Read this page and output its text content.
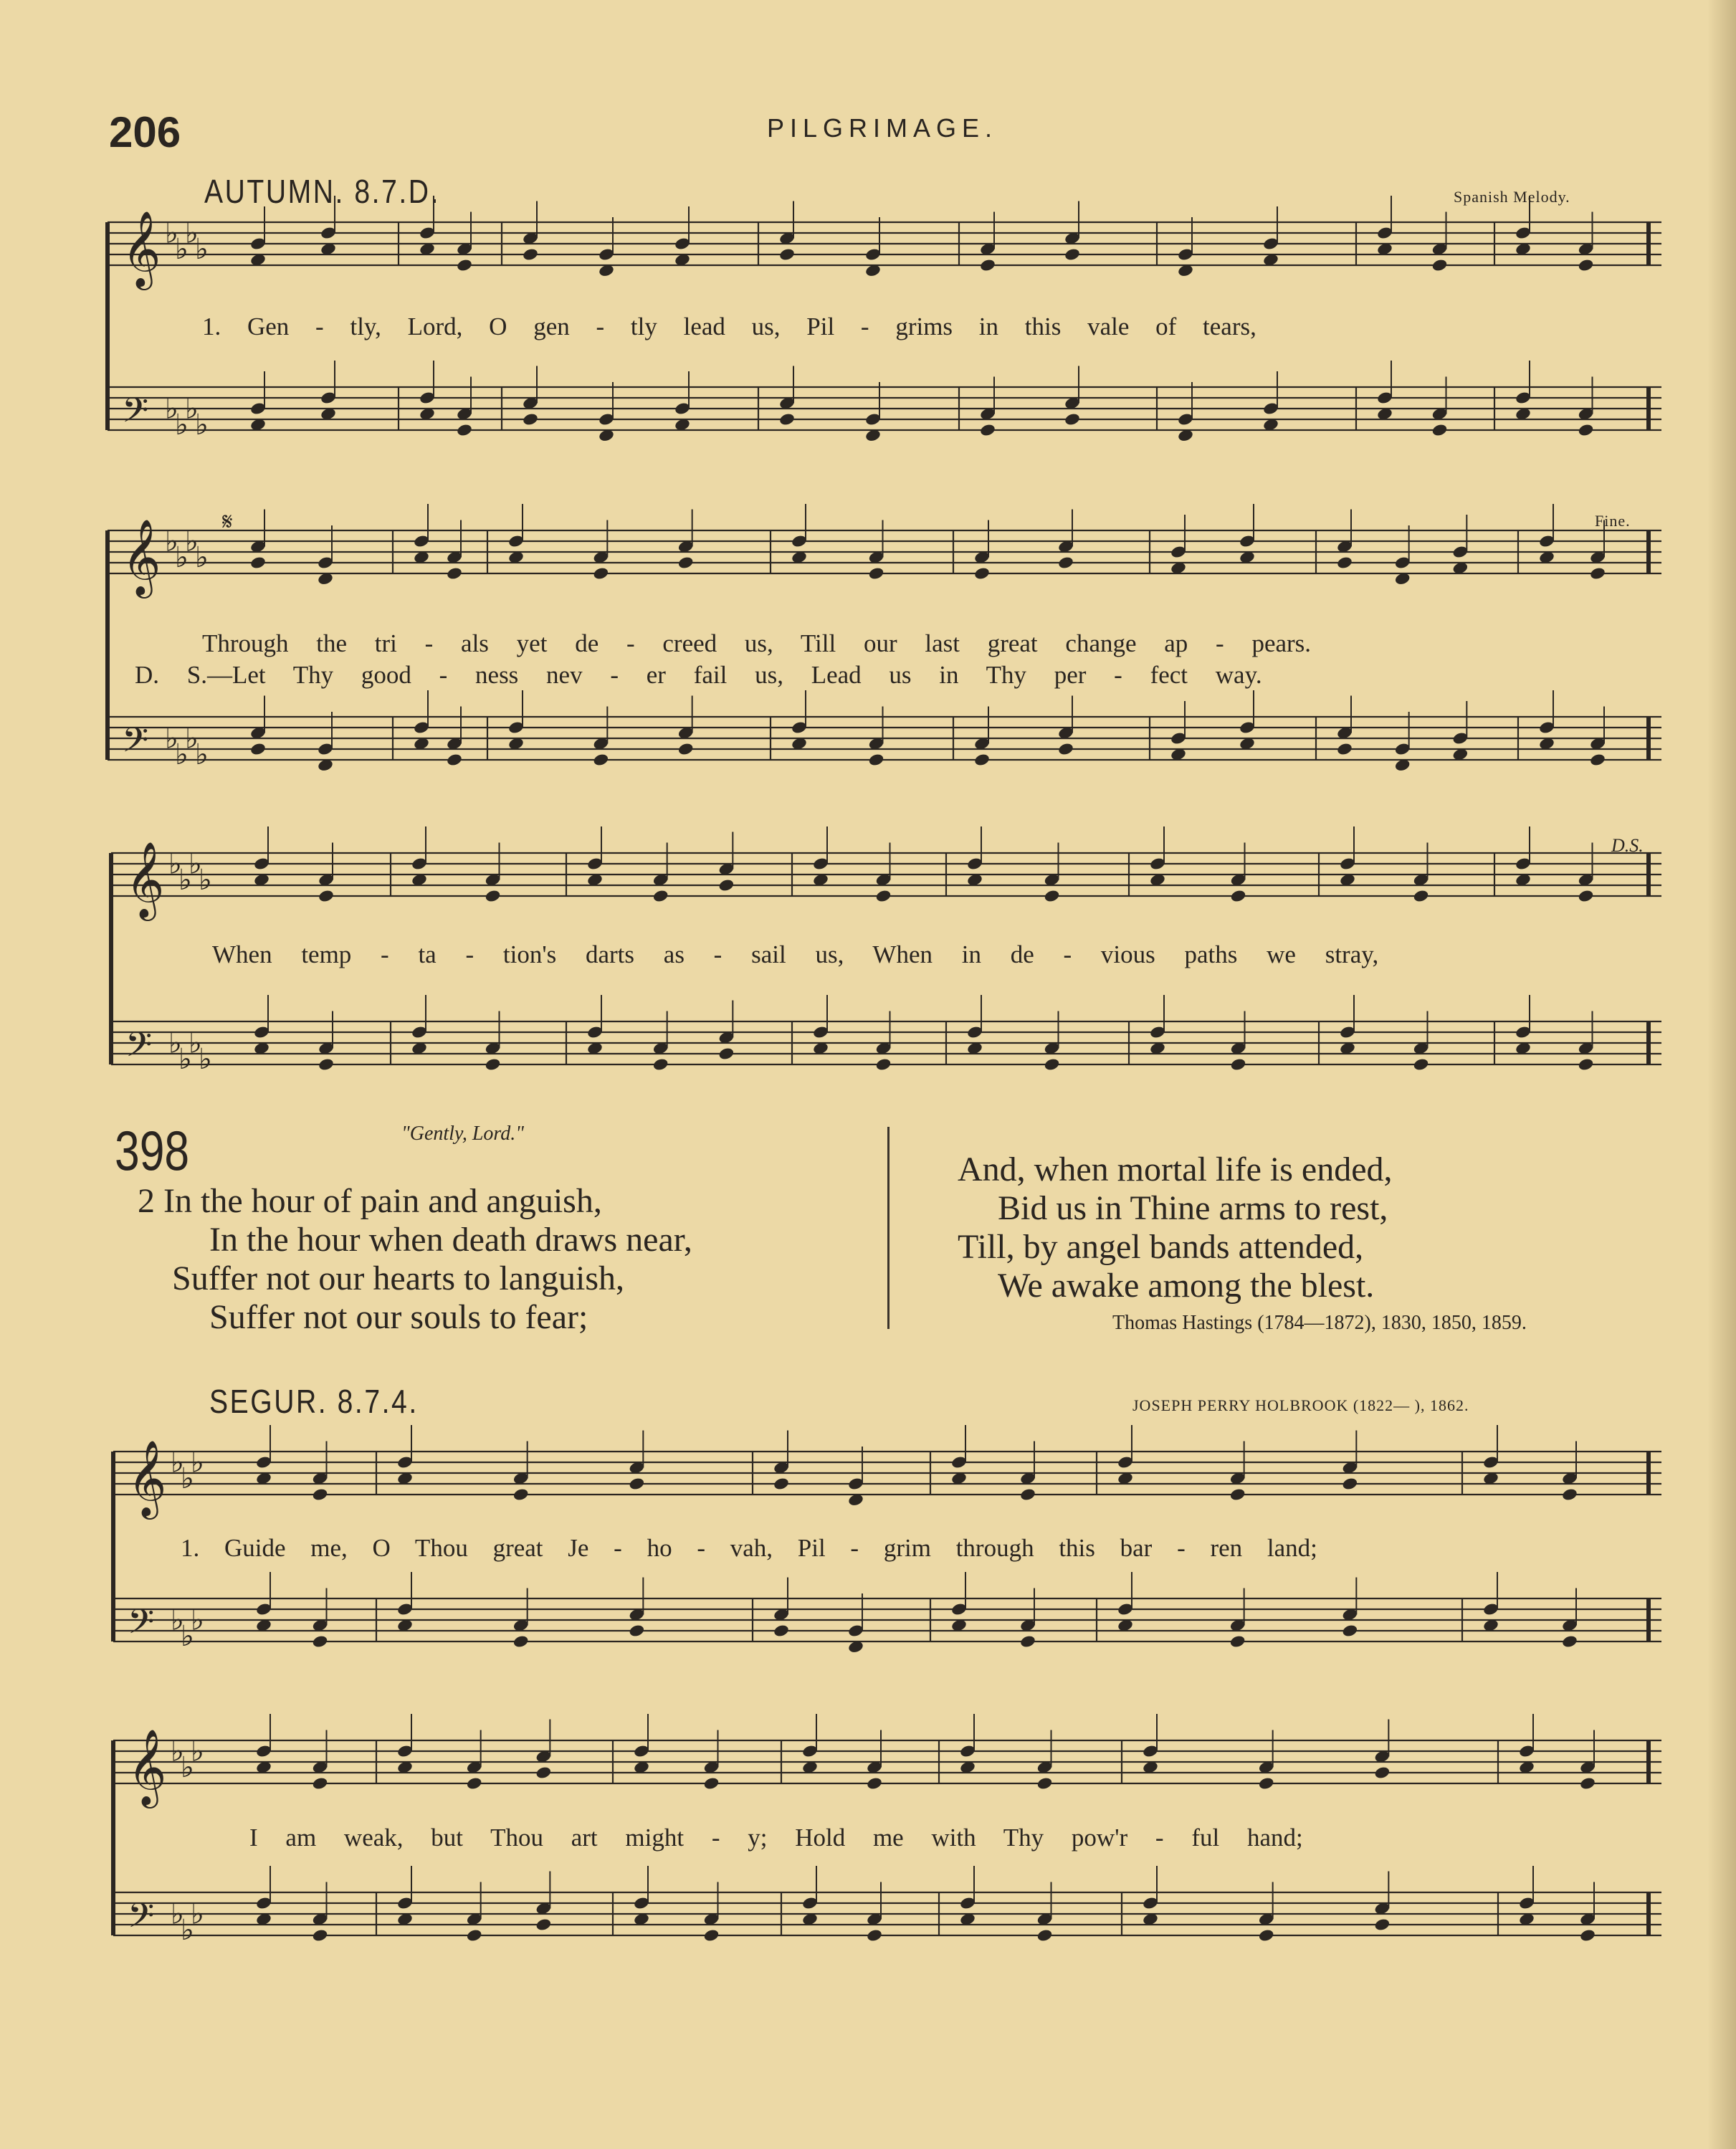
206	PILGRIMAGE.
AUTUMN. 8.7.D.	Spanish Melody.
𝄋	Fine.
D.S.
1. Gen - tly, Lord, O gen - tly lead us, Pil - grims in this vale of tears,
Through the tri - als yet de - creed us, Till our last great change ap - pears.
D. S.—Let Thy good - ness nev - er fail us, Lead us in Thy per - fect way.
When temp - ta - tion's darts as - sail us, When in de - vious paths we stray,
398	"Gently, Lord."
2 In the hour of pain and anguish,
In the hour when death draws near,
Suffer not our hearts to languish,
Suffer not our souls to fear;
And, when mortal life is ended,
Bid us in Thine arms to rest,
Till, by angel bands attended,
We awake among the blest.
Thomas Hastings (1784—1872), 1830, 1850, 1859.
SEGUR. 8.7.4.	JOSEPH PERRY HOLBROOK (1822— ), 1862.
1. Guide me, O Thou great Je - ho - vah, Pil - grim through this bar - ren land;
I am weak, but Thou art might - y; Hold me with Thy pow'r - ful hand;
𝄞 ♭
♭
♭
♭
𝄢 ♭
♭
♭
♭
𝄞 ♭
♭
♭
♭
𝄢 ♭
♭
♭
♭
𝄞 ♭
♭
♭
♭
𝄢 ♭
♭
♭
♭
𝄞 ♭
♭
♭
𝄢 ♭
♭
♭
𝄞 ♭
♭
♭
𝄢 ♭
♭
♭
